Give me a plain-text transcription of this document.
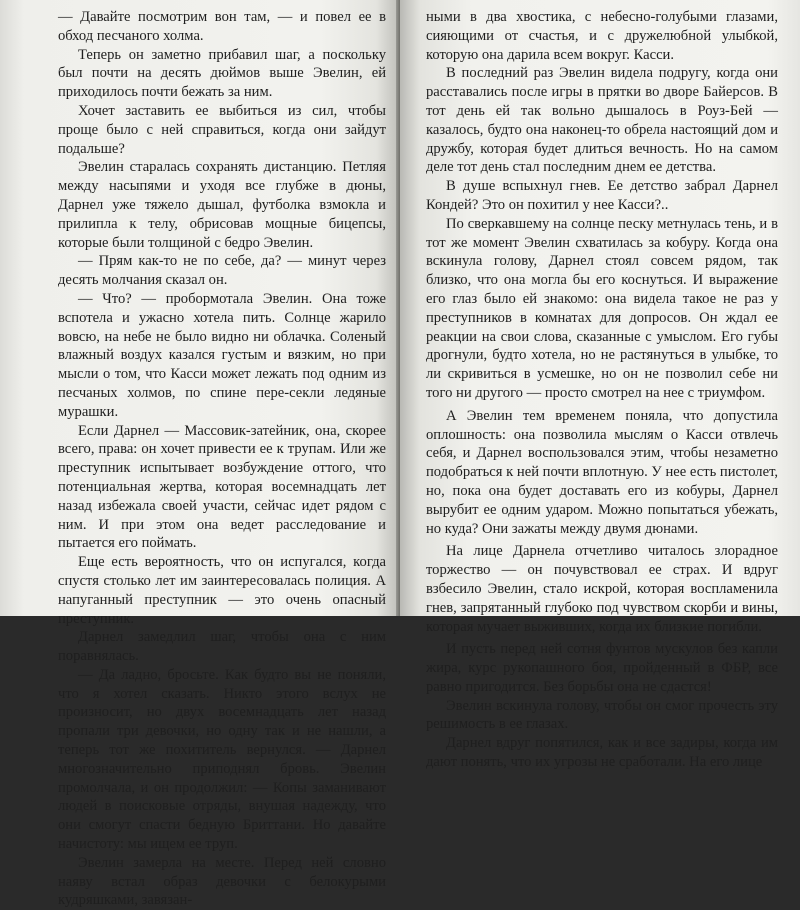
— Давайте посмотрим вон там, — и повел ее в обход песчаного холма.

Теперь он заметно прибавил шаг, а поскольку был почти на десять дюймов выше Эвелин, ей приходилось почти бежать за ним.

Хочет заставить ее выбиться из сил, чтобы проще было с ней справиться, когда они зайдут подальше?

Эвелин старалась сохранять дистанцию. Петляя между насыпями и уходя все глубже в дюны, Дарнел уже тяжело дышал, футболка взмокла и прилипла к телу, обрисовав мощные бицепсы, которые были толщиной с бедро Эвелин.

— Прям как-то не по себе, да? — минут через десять молчания сказал он.

— Что? — пробормотала Эвелин. Она тоже вспотела и ужасно хотела пить. Солнце жарило вовсю, на небе не было видно ни облачка. Соленый влажный воздух казался густым и вязким, но при мысли о том, что Касси может лежать под одним из песчаных холмов, по спине пере-секли ледяные мурашки.

Если Дарнел — Массовик-затейник, она, скорее всего, права: он хочет привести ее к трупам. Или же преступник испытывает возбуждение оттого, что потенциальная жертва, которая восемнадцать лет назад избежала своей участи, сейчас идет рядом с ним. И при этом она ведет расследование и пытается его поймать.

Еще есть вероятность, что он испугался, когда спустя столько лет им заинтересовалась полиция. А напуганный преступник — это очень опасный преступник.

Дарнел замедлил шаг, чтобы она с ним поравнялась.

— Да ладно, бросьте. Как будто вы не поняли, что я хотел сказать. Никто этого вслух не произносит, но двух восемнадцать лет назад пропали три девочки, но одну так и не нашли, а теперь тот же похититель вернулся. — Дарнел многозначительно приподнял бровь. Эвелин промолчала, и он продолжил: — Копы заманивают людей в поисковые отряды, внушая надежду, что они смогут спасти бедную Бриттани. Но давайте начистоту: мы ищем ее труп.

Эвелин замерла на месте. Перед ней словно наяву встал образ девочки с белокурыми кудряшками, завязан-

ными в два хвостика, с небесно-голубыми глазами, сияющими от счастья, и с дружелюбной улыбкой, которую она дарила всем вокруг. Касси.

В последний раз Эвелин видела подругу, когда они расставались после игры в прятки во дворе Байерсов. В тот день ей так вольно дышалось в Роуз-Бей — казалось, будто она наконец-то обрела настоящий дом и дружбу, которая будет длиться вечность. Но на самом деле тот день стал последним днем ее детства.

В душе вспыхнул гнев. Ее детство забрал Дарнел Кондей? Это он похитил у нее Касси?..

По сверкавшему на солнце песку метнулась тень, и в тот же момент Эвелин схватилась за кобуру. Когда она вскинула голову, Дарнел стоял совсем рядом, так близко, что она могла бы его коснуться. И выражение его глаз было ей знакомо: она видела такое не раз у преступников в комнатах для допросов. Он ждал ее реакции на свои слова, сказанные с умыслом. Его губы дрогнули, будто хотела, но не растянуться в улыбке, то ли скривиться в усмешке, но он не позволил себе ни того ни другого — просто смотрел на нее с триумфом.

А Эвелин тем временем поняла, что допустила оплошность: она позволила мыслям о Касси отвлечь себя, и Дарнел воспользовался этим, чтобы незаметно подобраться к ней почти вплотную. У нее есть пистолет, но, пока она будет доставать его из кобуры, Дарнел вырубит ее одним ударом. Можно попытаться убежать, но куда? Они зажаты между двумя дюнами.

На лице Дарнела отчетливо читалось злорадное торжество — он почувствовал ее страх. И вдруг взбесило Эвелин, стало искрой, которая воспламенила гнев, запрятанный глубоко под чувством скорби и вины, которая мучает выживших, когда их близкие погибли.

И пусть перед ней сотня фунтов мускулов без капли жира, курс рукопашного боя, пройденный в ФБР, все равно пригодится. Без борьбы она не сдастся!

Эвелин вскинула голову, чтобы он смог прочесть эту решимость в ее глазах.

Дарнел вдруг попятился, как и все задиры, когда им дают понять, что их угрозы не сработали. На его лице
